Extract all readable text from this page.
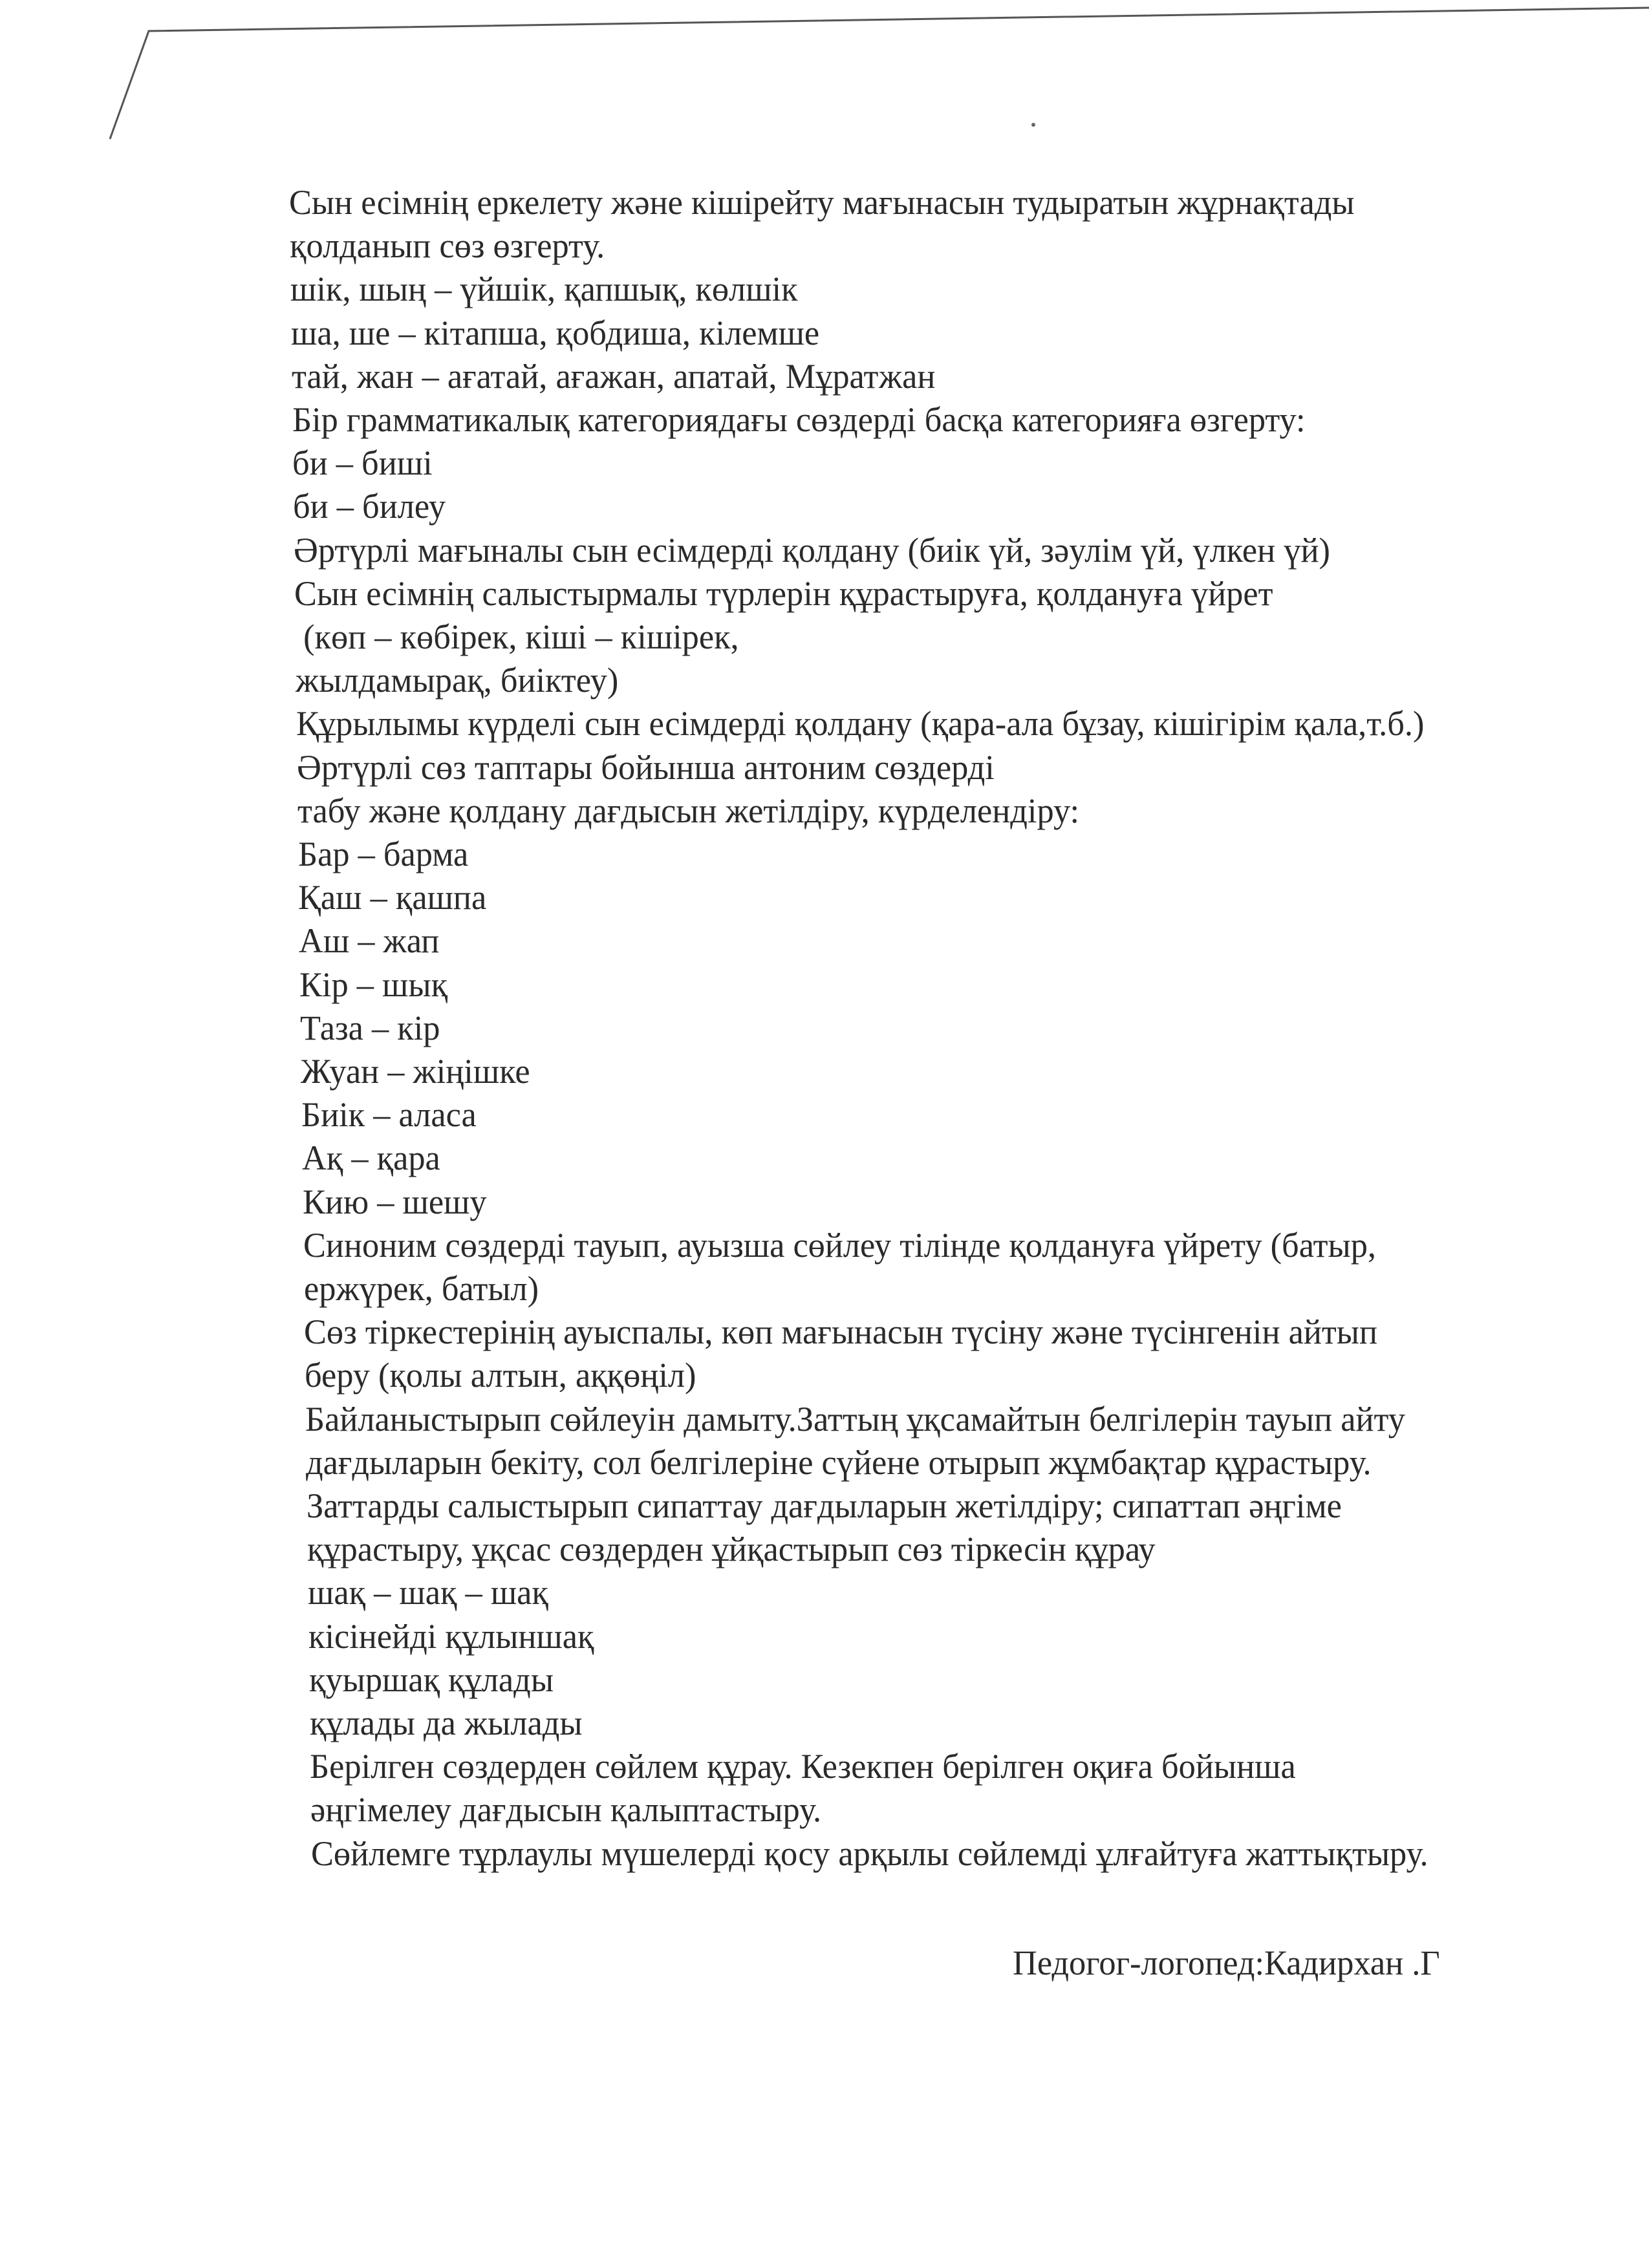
Сын есімнің еркелету және кішірейту мағынасын тудыратын жұрнақтады
қолданып сөз өзгерту.
шік, шың – үйшік, қапшық, көлшік
ша, ше – кітапша, қобдиша, кілемше
тай, жан – ағатай, ағажан, апатай, Мұратжан
Бір грамматикалық категориядағы сөздерді басқа категорияға өзгерту:
би – биші
би – билеу
Әртүрлі мағыналы сын есімдерді қолдану (биік үй, зәулім үй, үлкен үй)
Сын есімнің салыстырмалы түрлерін құрастыруға, қолдануға үйрет
(көп – көбірек, кіші – кішірек,
жылдамырақ, биіктеу)
Құрылымы күрделі сын есімдерді қолдану (қара-ала бұзау, кішігірім қала,т.б.)
Әртүрлі сөз таптары бойынша антоним сөздерді
табу және қолдану дағдысын жетілдіру, күрделендіру:
Бар – барма
Қаш – қашпа
Аш – жап
Кір – шық
Таза – кір
Жуан – жіңішке
Биік – аласа
Ақ – қара
Кию – шешу
Синоним сөздерді тауып, ауызша сөйлеу тілінде қолдануға үйрету (батыр,
ержүрек, батыл)
Сөз тіркестерінің ауыспалы, көп мағынасын түсіну және түсінгенін айтып
беру (қолы алтын, аққөңіл)
Байланыстырып сөйлеуін дамыту.Заттың ұқсамайтын белгілерін тауып айту
дағдыларын бекіту, сол белгілеріне сүйене отырып жұмбақтар құрастыру.
Заттарды салыстырып сипаттау дағдыларын жетілдіру; сипаттап әңгіме
құрастыру, ұқсас сөздерден ұйқастырып сөз тіркесін құрау
шақ – шақ – шақ
кісінейді құлыншақ
қуыршақ құлады
құлады да жылады
Берілген сөздерден сөйлем құрау. Кезекпен берілген оқиға бойынша
әңгімелеу дағдысын қалыптастыру.
Сөйлемге тұрлаулы мүшелерді қосу арқылы сөйлемді ұлғайтуға жаттықтыру.
Педогог-логопед:Кадирхан .Г
